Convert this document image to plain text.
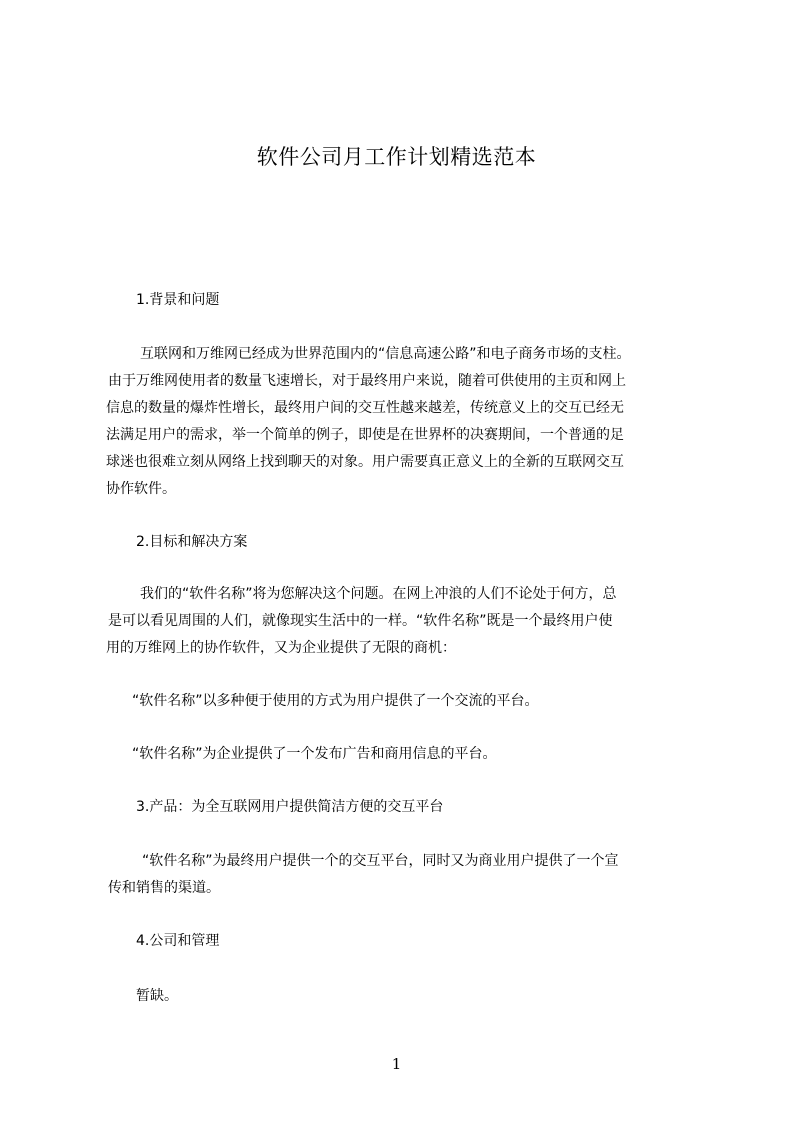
软件公司月工作计划精选范本
1.背景和问题
互联网和万维网已经成为世界范围内的“信息高速公路”和电子商务市场的支柱。
由于万维网使用者的数量飞速增长，对于最终用户来说，随着可供使用的主页和网上
信息的数量的爆炸性增长，最终用户间的交互性越来越差，传统意义上的交互已经无
法满足用户的需求，举一个简单的例子，即使是在世界杯的决赛期间，一个普通的足
球迷也很难立刻从网络上找到聊天的对象。用户需要真正意义上的全新的互联网交互
协作软件。
2.目标和解决方案
我们的“软件名称”将为您解决这个问题。在网上冲浪的人们不论处于何方，总
是可以看见周围的人们，就像现实生活中的一样。“软件名称”既是一个最终用户使
用的万维网上的协作软件，又为企业提供了无限的商机：
“软件名称”以多种便于使用的方式为用户提供了一个交流的平台。
“软件名称”为企业提供了一个发布广告和商用信息的平台。
3.产品：为全互联网用户提供简洁方便的交互平台
“软件名称”为最终用户提供一个的交互平台，同时又为商业用户提供了一个宣
传和销售的渠道。
4.公司和管理
暂缺。
1
